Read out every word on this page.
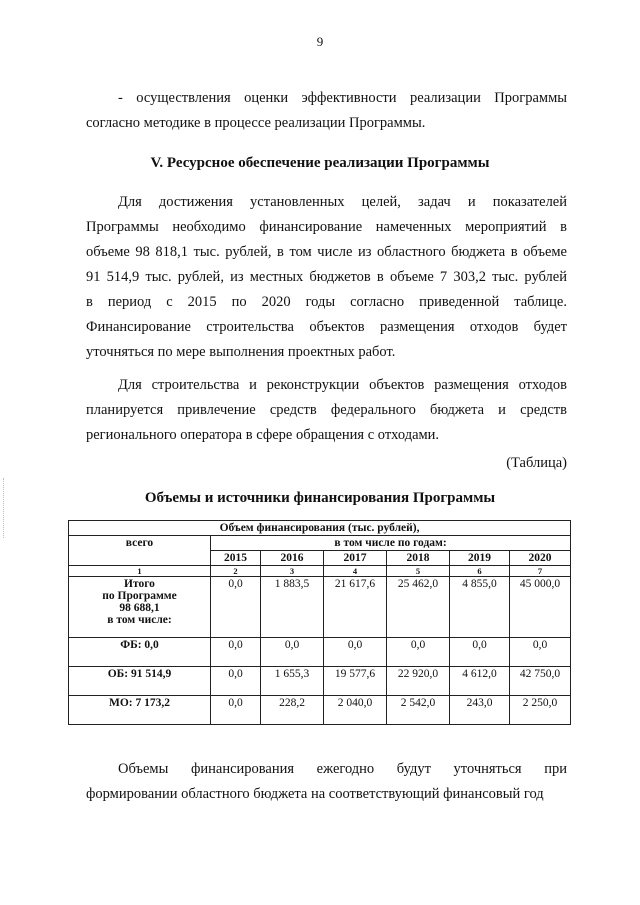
9
- осуществления оценки эффективности реализации Программы
согласно методике в процессе реализации Программы.
V. Ресурсное обеспечение реализации Программы
Для достижения установленных целей, задач и показателей
Программы необходимо финансирование намеченных мероприятий в
объеме 98 818,1 тыс. рублей, в том числе из областного бюджета в объеме
91 514,9 тыс. рублей, из местных бюджетов в объеме 7 303,2 тыс. рублей
в период с 2015 по 2020 годы согласно приведенной таблице.
Финансирование строительства объектов размещения отходов будет
уточняться по мере выполнения проектных работ.
Для строительства и реконструкции объектов размещения отходов
планируется привлечение средств федерального бюджета и средств
регионального оператора в сфере обращения с отходами.
(Таблица)
Объемы и источники финансирования Программы
Объем финансирования (тыс. рублей),						
всего	в том числе по годам:					
	2015	2016	2017	2018	2019	2020
1	2	3	4	5	6	7

Итого
по Программе
98 688,1
в том числе:	0,0	1 883,5	21 617,6	25 462,0	4 855,0	45 000,0
ФБ: 0,0	0,0	0,0	0,0	0,0	0,0	0,0
ОБ: 91 514,9	0,0	1 655,3	19 577,6	22 920,0	4 612,0	42 750,0
МО: 7 173,2	0,0	228,2	2 040,0	2 542,0	243,0	2 250,0
Объемы финансирования ежегодно будут уточняться при
формировании областного бюджета на соответствующий финансовый год
